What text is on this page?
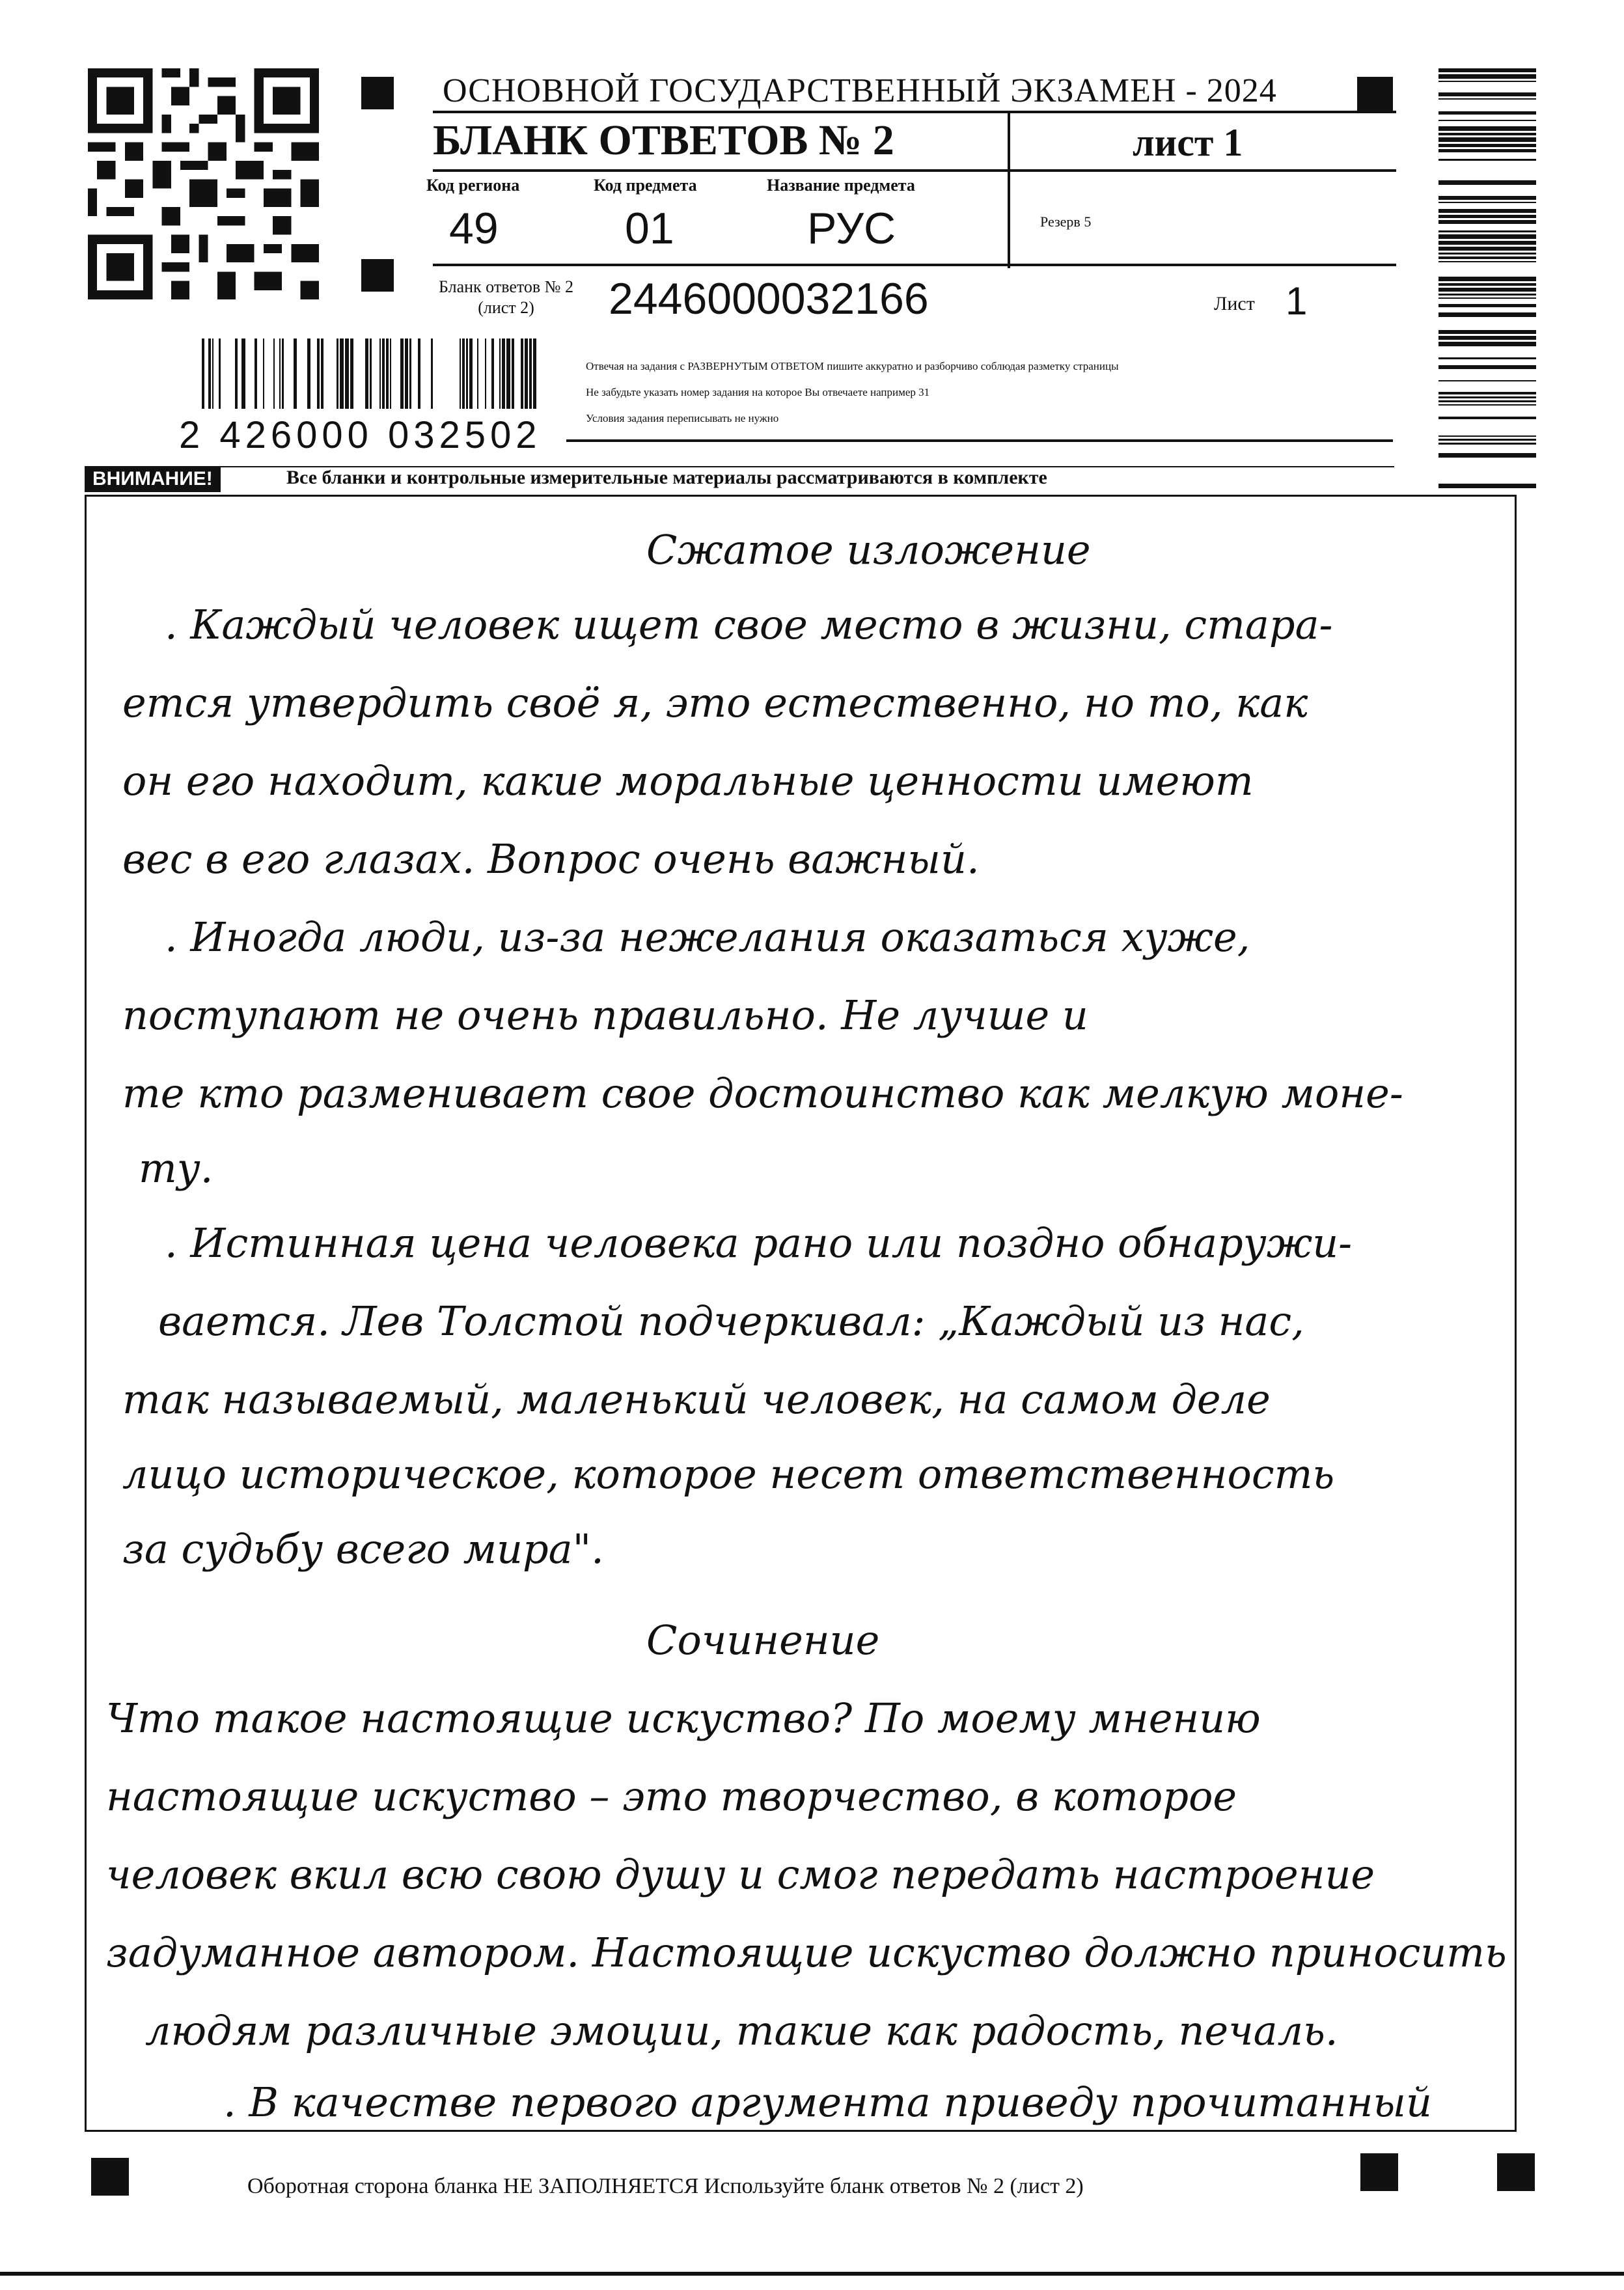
ОСНОВНОЙ ГОСУДАРСТВЕННЫЙ ЭКЗАМЕН - 2024
БЛАНК ОТВЕТОВ № 2	лист 1
Код региона
49
Код предмета
01
Название предмета
РУС	Резерв 5
Бланк ответов № 2
(лист 2)	2446000032166	Лист 1
Отвечая на задания с РАЗВЕРНУТЫМ ОТВЕТОМ пишите аккуратно и разборчиво соблюдая разметку страницы
Не забудьте указать номер задания на которое Вы отвечаете например 31
Условия задания переписывать не нужно
2 426000 032502
ВНИМАНИЕ!	Все бланки и контрольные измерительные материалы рассматриваются в комплекте
Сжатое изложение
. Каждый человек ищет свое место в жизни, стара-
ется утвердить своё я, это естественно, но то, как
он его находит, какие моральные ценности имеют
вес в его глазах. Вопрос очень важный.
. Иногда люди, из-за нежелания оказаться хуже,
поступают не очень правильно. Не лучше и
те кто разменивает свое достоинство как мелкую моне-
ту.
. Истинная цена человека рано или поздно обнаружи-
вается. Лев Толстой подчеркивал: „Каждый из нас,
так называемый, маленький человек, на самом деле
лицо историческое, которое несет ответственность
за судьбу всего мира".
Сочинение
Что такое настоящие искуство? По моему мнению
настоящие искуство – это творчество, в которое
человек вкил всю свою душу и смог передать настроение
задуманное автором. Настоящие искуство должно приносить
людям различные эмоции, такие как радость, печаль.
. В качестве первого аргумента приведу прочитанный
Оборотная сторона бланка НЕ ЗАПОЛНЯЕТСЯ Используйте бланк ответов № 2 (лист 2)
